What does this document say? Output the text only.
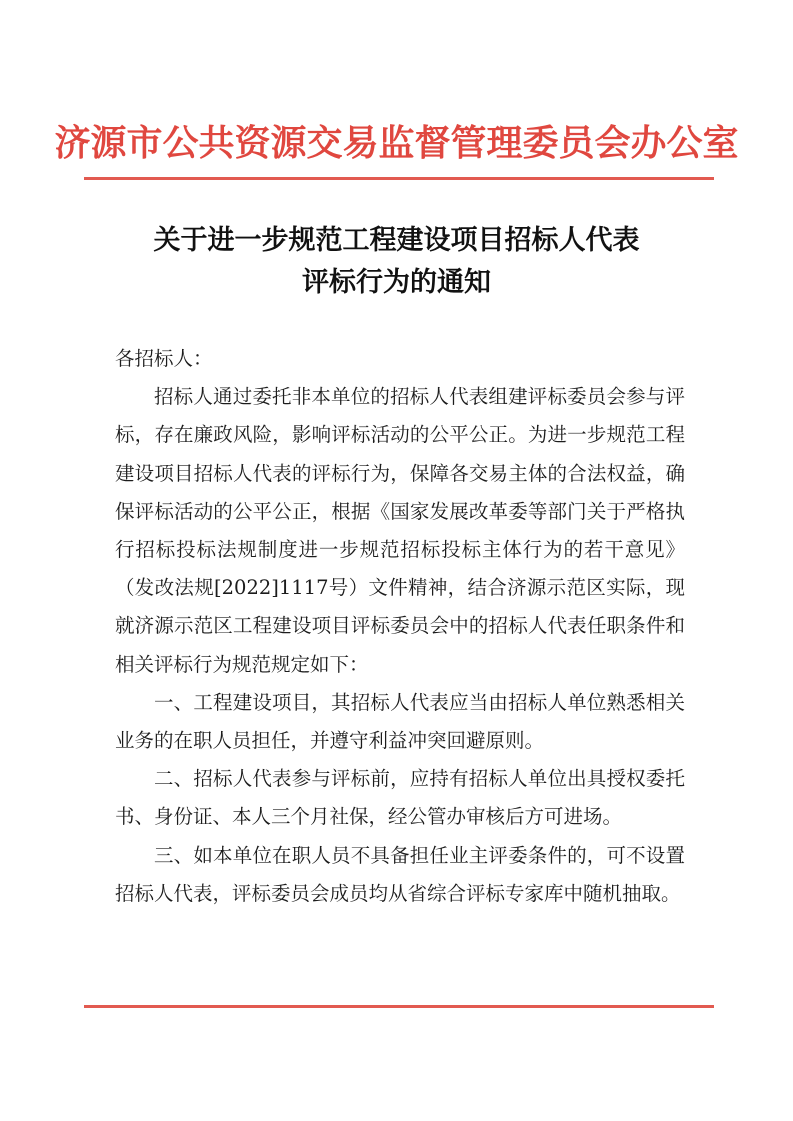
济源市公共资源交易监督管理委员会办公室
关于进一步规范工程建设项目招标人代表
评标行为的通知

各招标人：

招标人通过委托非本单位的招标人代表组建评标委员会参与评标，存在廉政风险，影响评标活动的公平公正。为进一步规范工程建设项目招标人代表的评标行为，保障各交易主体的合法权益，确保评标活动的公平公正，根据《国家发展改革委等部门关于严格执行招标投标法规制度进一步规范招标投标主体行为的若干意见》（发改法规[2022]1117号）文件精神，结合济源示范区实际，现就济源示范区工程建设项目评标委员会中的招标人代表任职条件和相关评标行为规范规定如下：

一、工程建设项目，其招标人代表应当由招标人单位熟悉相关业务的在职人员担任，并遵守利益冲突回避原则。

二、招标人代表参与评标前，应持有招标人单位出具授权委托书、身份证、本人三个月社保，经公管办审核后方可进场。

三、如本单位在职人员不具备担任业主评委条件的，可不设置招标人代表，评标委员会成员均从省综合评标专家库中随机抽取。
